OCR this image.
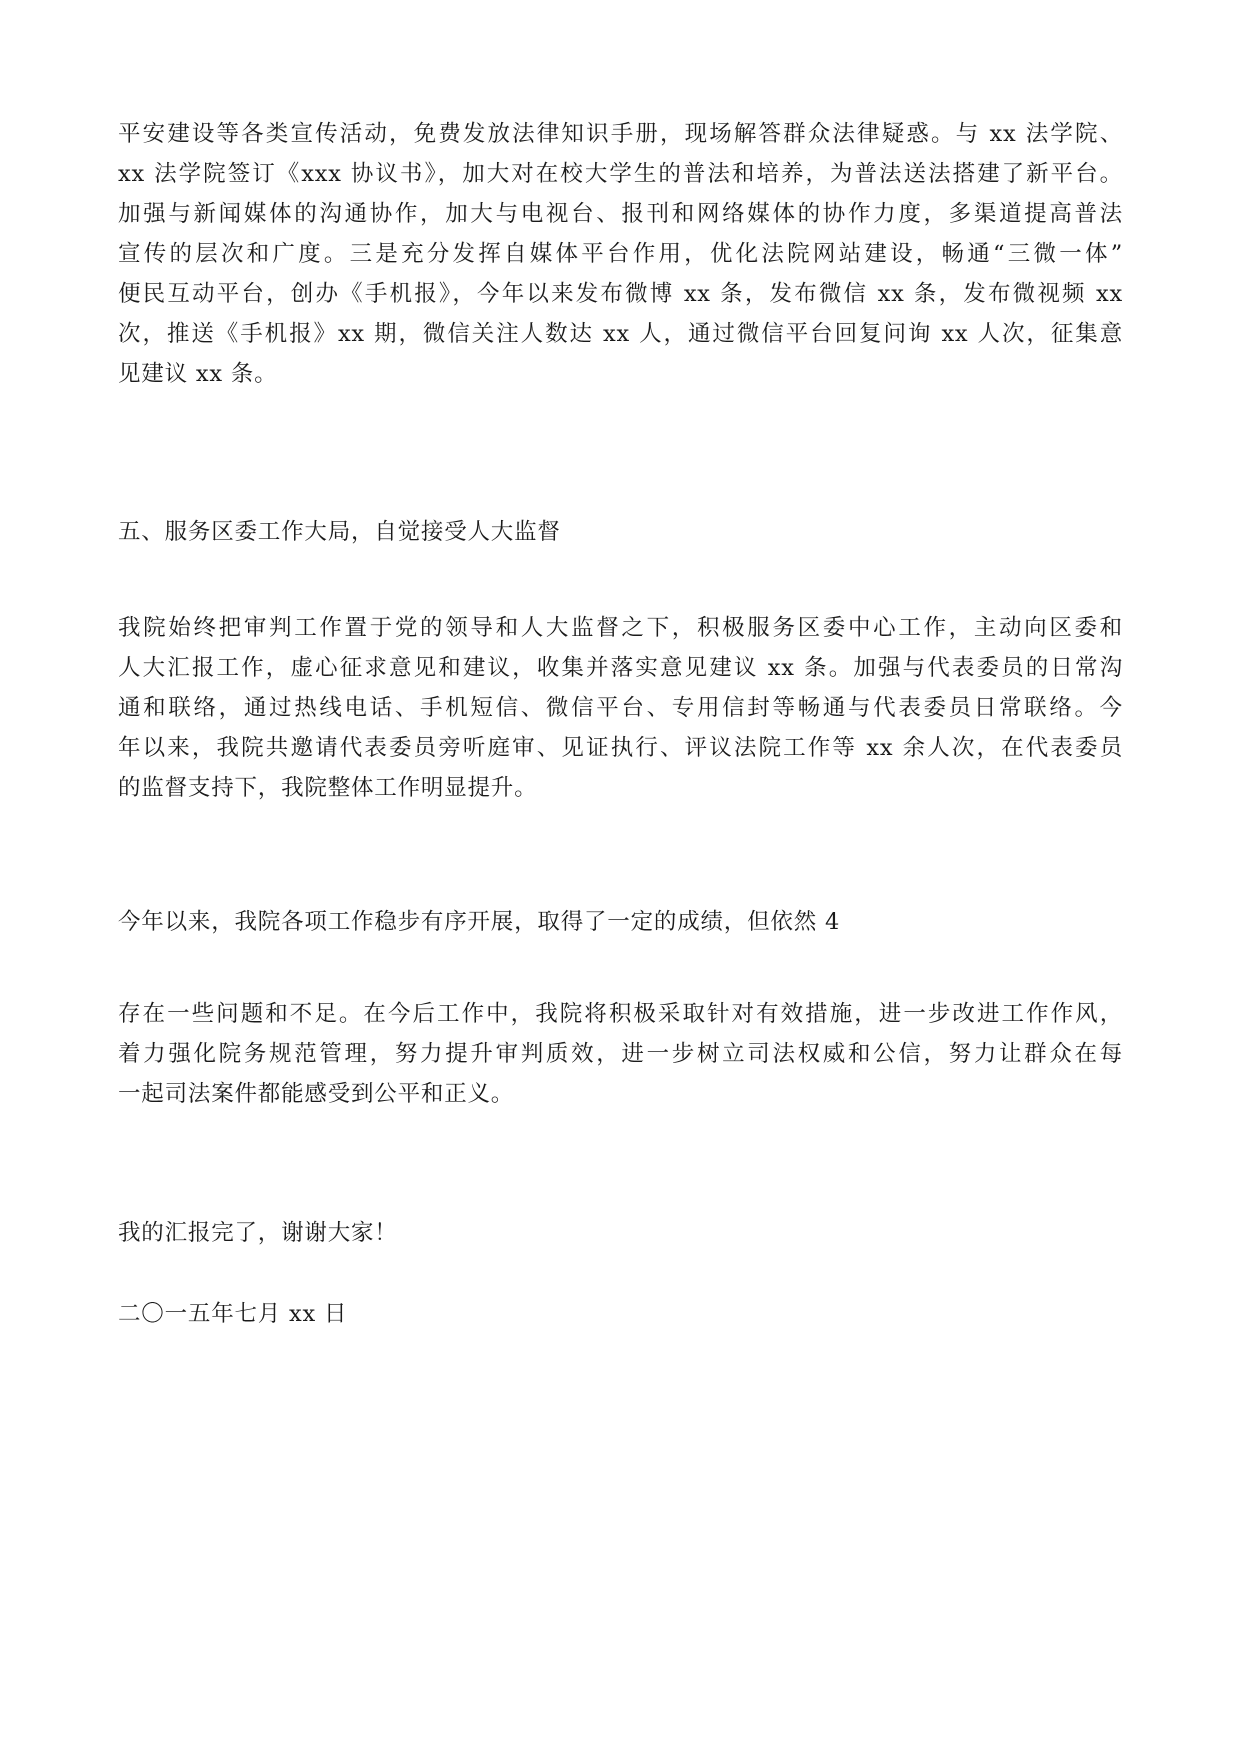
平安建设等各类宣传活动，免费发放法律知识手册，现场解答群众法律疑惑。与 xx 法学院、
xx 法学院签订《xxx 协议书》，加大对在校大学生的普法和培养，为普法送法搭建了新平台。
加强与新闻媒体的沟通协作，加大与电视台、报刊和网络媒体的协作力度，多渠道提高普法
宣传的层次和广度。三是充分发挥自媒体平台作用，优化法院网站建设，畅通“三微一体”
便民互动平台，创办《手机报》，今年以来发布微博 xx 条，发布微信 xx 条，发布微视频 xx
次，推送《手机报》xx 期，微信关注人数达 xx 人，通过微信平台回复问询 xx 人次，征集意
见建议 xx 条。
五、服务区委工作大局，自觉接受人大监督
我院始终把审判工作置于党的领导和人大监督之下，积极服务区委中心工作，主动向区委和
人大汇报工作，虚心征求意见和建议，收集并落实意见建议 xx 条。加强与代表委员的日常沟
通和联络，通过热线电话、手机短信、微信平台、专用信封等畅通与代表委员日常联络。今
年以来，我院共邀请代表委员旁听庭审、见证执行、评议法院工作等 xx 余人次，在代表委员
的监督支持下，我院整体工作明显提升。
今年以来，我院各项工作稳步有序开展，取得了一定的成绩，但依然 4
存在一些问题和不足。在今后工作中，我院将积极采取针对有效措施，进一步改进工作作风，
着力强化院务规范管理，努力提升审判质效，进一步树立司法权威和公信，努力让群众在每
一起司法案件都能感受到公平和正义。
我的汇报完了，谢谢大家！
二〇一五年七月 xx 日
